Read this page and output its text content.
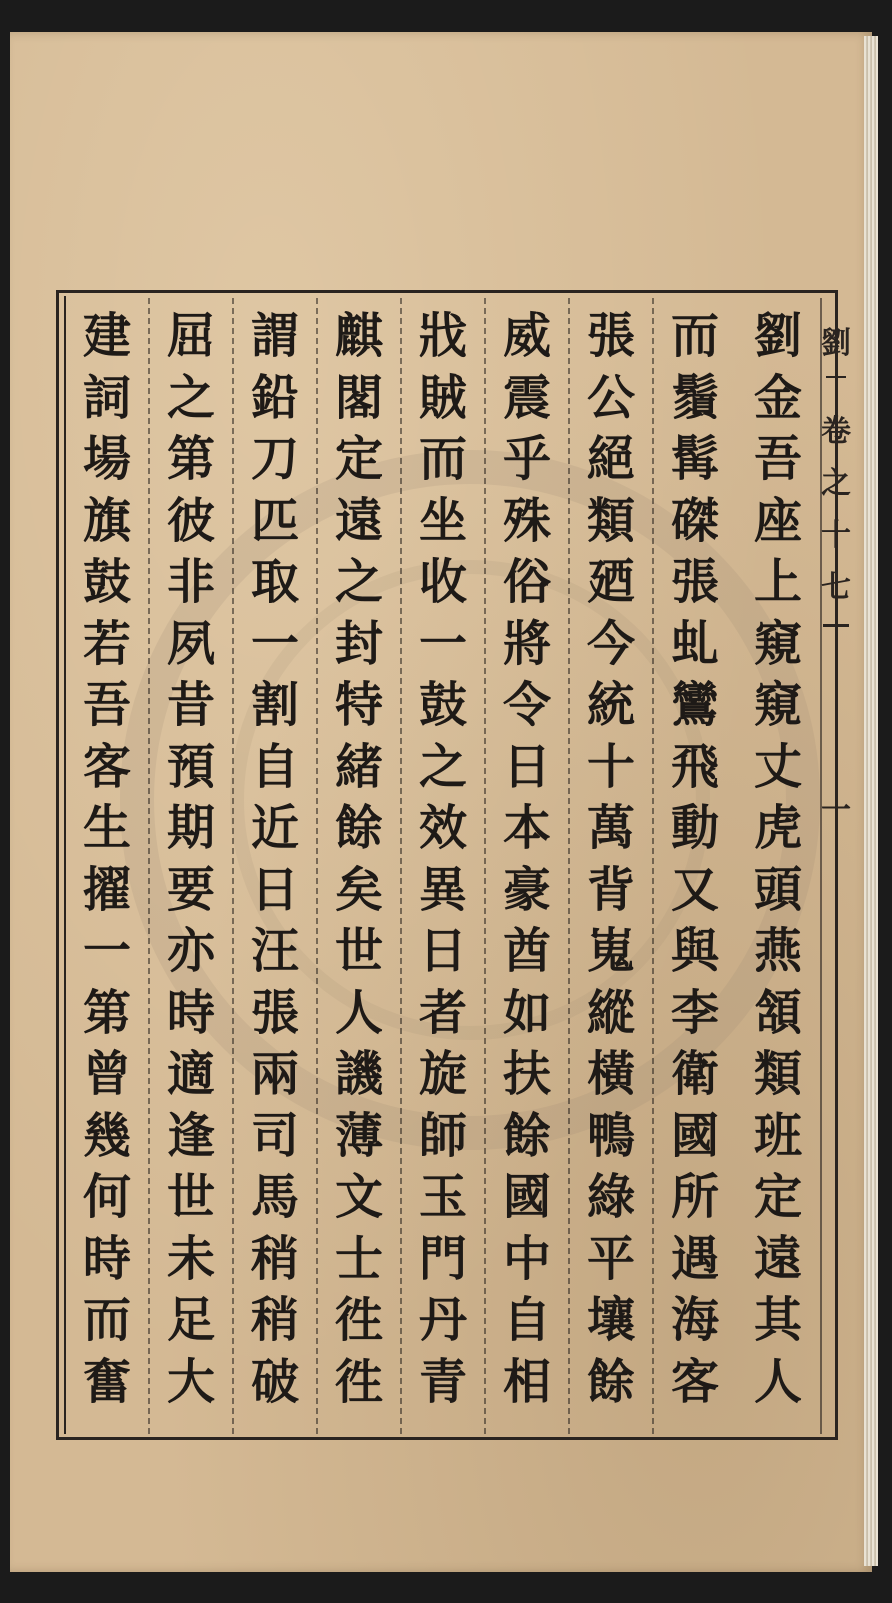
劉
卷
之
十七
一
劉
金
吾
座
上
窺
窺
丈
虎
頭
燕
頷
類
班
定
遠
其
人
而
鬚
髯
磔
張
虬
鸞
飛
動
又
與
李
衛
國
所
遇
海
客
張
公
絕
類
廼
今
統
十
萬
背
嵬
縱
橫
鴨
綠
平
壤
餘
威
震
乎
殊
俗
將
令
日
本
豪
酋
如
扶
餘
國
中
自
相
戕
賊
而
坐
收
一
鼓
之
效
異
日
者
旋
師
玉
門
丹
青
麒
閣
定
遠
之
封
特
緒
餘
矣
世
人
譏
薄
文
士
徃
徃
謂
鉛
刀
匹
取
一
割
自
近
日
汪
張
兩
司
馬
稍
稍
破
屈
之
第
彼
非
夙
昔
預
期
要
亦
時
適
逢
世
未
足
大
建
詞
場
旗
鼓
若
吾
客
生
擢
一
第
曾
幾
何
時
而
奮
